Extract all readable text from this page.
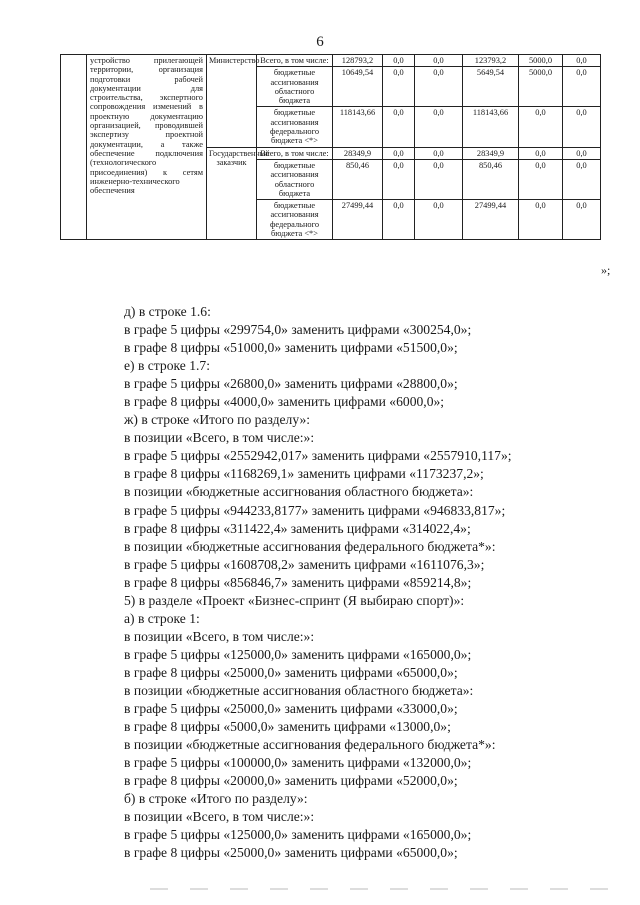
6
	устройство прилегающей территории, организация подготовки рабочей документации для строительства, экспертного сопровождения изменений в проектную документацию организацией, проводившей экспертизу проектной документации, а также обеспечение подключения (технологического присоединения) к сетям инженерно-технического обеспечения	Министерство	Всего, в том числе:	128793,2	0,0	0,0	123793,2	5000,0	0,0
			бюджетные ассигнования областного бюджета	10649,54	0,0	0,0	5649,54	5000,0	0,0
			бюджетные ассигнования федерального бюджета <*>	118143,66	0,0	0,0	118143,66	0,0	0,0
		Государственный заказчик	Всего, в том числе:	28349,9	0,0	0,0	28349,9	0,0	0,0
			бюджетные ассигнования областного бюджета	850,46	0,0	0,0	850,46	0,0	0,0
			бюджетные ассигнования федерального бюджета <*>	27499,44	0,0	0,0	27499,44	0,0	0,0
»;
д) в строке 1.6:
в графе 5 цифры «299754,0» заменить цифрами «300254,0»;
в графе 8 цифры «51000,0» заменить цифрами «51500,0»;
е) в строке 1.7:
в графе 5 цифры «26800,0» заменить цифрами «28800,0»;
в графе 8 цифры «4000,0» заменить цифрами «6000,0»;
ж) в строке «Итого по разделу»:
в позиции «Всего, в том числе:»:
в графе 5 цифры «2552942,017» заменить цифрами «2557910,117»;
в графе 8 цифры «1168269,1» заменить цифрами «1173237,2»;
в позиции «бюджетные ассигнования областного бюджета»:
в графе 5 цифры «944233,8177» заменить цифрами «946833,817»;
в графе 8 цифры «311422,4» заменить цифрами «314022,4»;
в позиции «бюджетные ассигнования федерального бюджета*»:
в графе 5 цифры «1608708,2» заменить цифрами «1611076,3»;
в графе 8 цифры «856846,7» заменить цифрами «859214,8»;
5) в разделе «Проект «Бизнес-спринт (Я выбираю спорт)»:
а) в строке 1:
в позиции «Всего, в том числе:»:
в графе 5 цифры «125000,0» заменить цифрами «165000,0»;
в графе 8 цифры «25000,0» заменить цифрами «65000,0»;
в позиции «бюджетные ассигнования областного бюджета»:
в графе 5 цифры «25000,0» заменить цифрами «33000,0»;
в графе 8 цифры «5000,0» заменить цифрами «13000,0»;
в позиции «бюджетные ассигнования федерального бюджета*»:
в графе 5 цифры «100000,0» заменить цифрами «132000,0»;
в графе 8 цифры «20000,0» заменить цифрами «52000,0»;
б) в строке «Итого по разделу»:
в позиции «Всего, в том числе:»:
в графе 5 цифры «125000,0» заменить цифрами «165000,0»;
в графе 8 цифры «25000,0» заменить цифрами «65000,0»;
